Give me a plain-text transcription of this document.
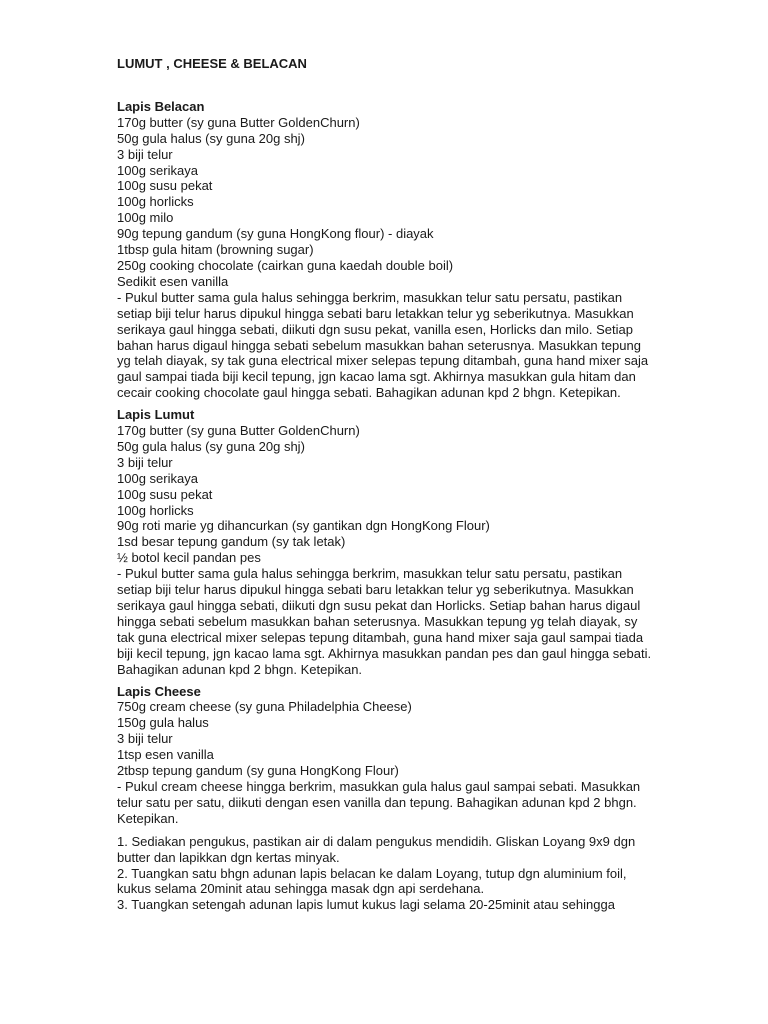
LUMUT , CHEESE & BELACAN

Lapis Belacan

170g butter (sy guna Butter GoldenChurn)

50g gula halus (sy guna 20g shj)

3 biji telur

100g serikaya

100g susu pekat

100g horlicks

100g milo

90g tepung gandum (sy guna HongKong flour) - diayak

1tbsp gula hitam (browning sugar)

250g cooking chocolate (cairkan guna kaedah double boil)

Sedikit esen vanilla

- Pukul butter sama gula halus sehingga berkrim, masukkan telur satu persatu, pastikan setiap biji telur harus dipukul hingga sebati baru letakkan telur yg seberikutnya. Masukkan serikaya gaul hingga sebati, diikuti dgn susu pekat, vanilla esen, Horlicks dan milo. Setiap bahan harus digaul hingga sebati sebelum masukkan bahan seterusnya. Masukkan tepung yg telah diayak, sy tak guna electrical mixer selepas tepung ditambah, guna hand mixer saja gaul sampai tiada biji kecil tepung, jgn kacao lama sgt. Akhirnya masukkan gula hitam dan cecair cooking chocolate gaul hingga sebati. Bahagikan adunan kpd 2 bhgn. Ketepikan.

Lapis Lumut

170g butter (sy guna Butter GoldenChurn)

50g gula halus (sy guna 20g shj)

3 biji telur

100g serikaya

100g susu pekat

100g horlicks

90g roti marie yg dihancurkan (sy gantikan dgn HongKong Flour)

1sd besar tepung gandum (sy tak letak)

½ botol kecil pandan pes

- Pukul butter sama gula halus sehingga berkrim, masukkan telur satu persatu, pastikan setiap biji telur harus dipukul hingga sebati baru letakkan telur yg seberikutnya. Masukkan serikaya gaul hingga sebati, diikuti dgn susu pekat dan Horlicks. Setiap bahan harus digaul hingga sebati sebelum masukkan bahan seterusnya. Masukkan tepung yg telah diayak, sy tak guna electrical mixer selepas tepung ditambah, guna hand mixer saja gaul sampai tiada biji kecil tepung, jgn kacao lama sgt. Akhirnya masukkan pandan pes dan gaul hingga sebati. Bahagikan adunan kpd 2 bhgn. Ketepikan.

Lapis Cheese

750g cream cheese (sy guna Philadelphia Cheese)

150g gula halus

3 biji telur

1tsp esen vanilla

2tbsp tepung gandum (sy guna HongKong Flour)

- Pukul cream cheese hingga berkrim, masukkan gula halus gaul sampai sebati. Masukkan telur satu per satu, diikuti dengan esen vanilla dan tepung. Bahagikan adunan kpd 2 bhgn. Ketepikan.

1. Sediakan pengukus, pastikan air di dalam pengukus mendidih. Gliskan Loyang 9x9 dgn butter dan lapikkan dgn kertas minyak.

2. Tuangkan satu bhgn adunan lapis belacan ke dalam Loyang, tutup dgn aluminium foil, kukus selama 20minit atau sehingga masak dgn api serdehana.

3. Tuangkan setengah adunan lapis lumut kukus lagi selama 20-25minit atau sehingga
